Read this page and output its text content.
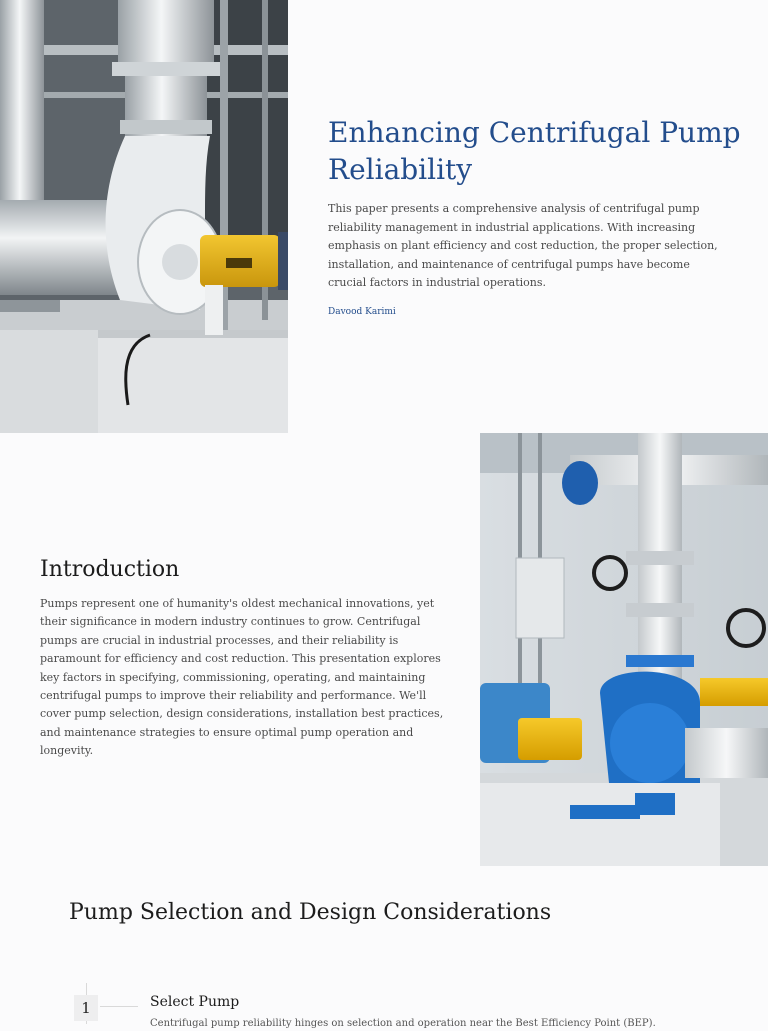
Enhancing Centrifugal Pump Reliability

This paper presents a comprehensive analysis of centrifugal pump reliability management in industrial applications. With increasing emphasis on plant efficiency and cost reduction, the proper selection, installation, and maintenance of centrifugal pumps have become crucial factors in industrial operations.

Davood Karimi
Introduction

Pumps represent one of humanity's oldest mechanical innovations, yet their significance in modern industry continues to grow. Centrifugal pumps are crucial in industrial processes, and their reliability is paramount for efficiency and cost reduction. This presentation explores key factors in specifying, commissioning, operating, and maintaining centrifugal pumps to improve their reliability and performance. We'll cover pump selection, design considerations, installation best practices, and maintenance strategies to ensure optimal pump operation and longevity.

Pump Selection and Design Considerations
1	Select Pump
Centrifugal pump reliability hinges on selection and operation near the Best Efficiency Point (BEP).
